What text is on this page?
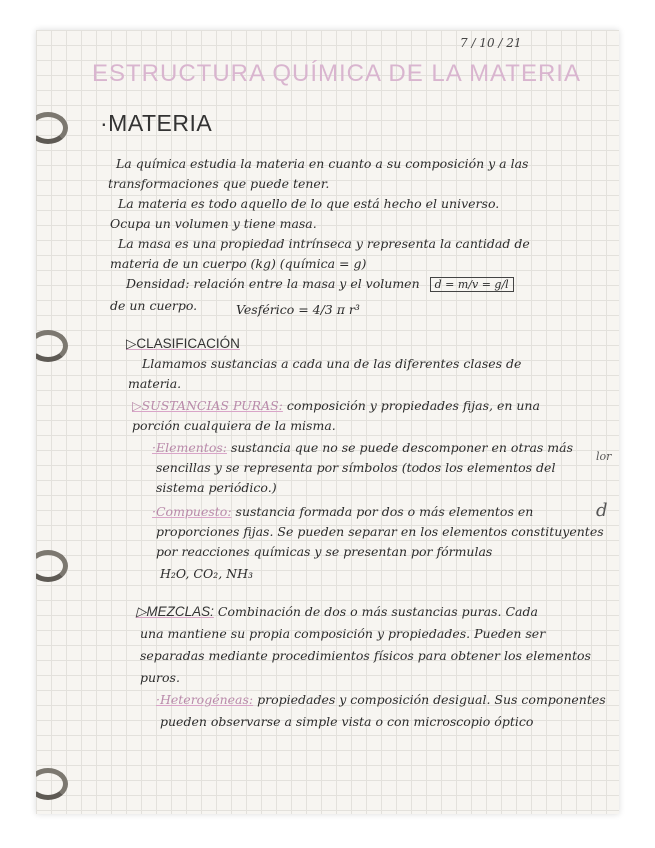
7 / 10 / 21
ESTRUCTURA QUÍMICA DE LA MATERIA
·MATERIA
La química estudia la materia en cuanto a su composición y a las
transformaciones que puede tener.
La materia es todo aquello de lo que está hecho el universo.
Ocupa un volumen y tiene masa.
La masa es una propiedad intrínseca y representa la cantidad de
materia de un cuerpo (kg) (química = g)
Densidad: relación entre la masa y el volumen d = m/v = g/l
de un cuerpo.	Vesférico = 4/3 π r³
▷CLASIFICACIÓN
Llamamos sustancias a cada una de las diferentes clases de
materia.
▷SUSTANCIAS PURAS: composición y propiedades fijas, en una
porción cualquiera de la misma.
·Elementos: sustancia que no se puede descomponer en otras más
sencillas y se representa por símbolos (todos los elementos del
sistema periódico.)
·Compuesto: sustancia formada por dos o más elementos en
proporciones fijas. Se pueden separar en los elementos constituyentes
por reacciones químicas y se presentan por fórmulas
H₂O, CO₂, NH₃
▷MEZCLAS: Combinación de dos o más sustancias puras. Cada
una mantiene su propia composición y propiedades. Pueden ser
separadas mediante procedimientos físicos para obtener los elementos
puros.
·Heterogéneas: propiedades y composición desigual. Sus componentes
pueden observarse a simple vista o con microscopio óptico
lor
d
